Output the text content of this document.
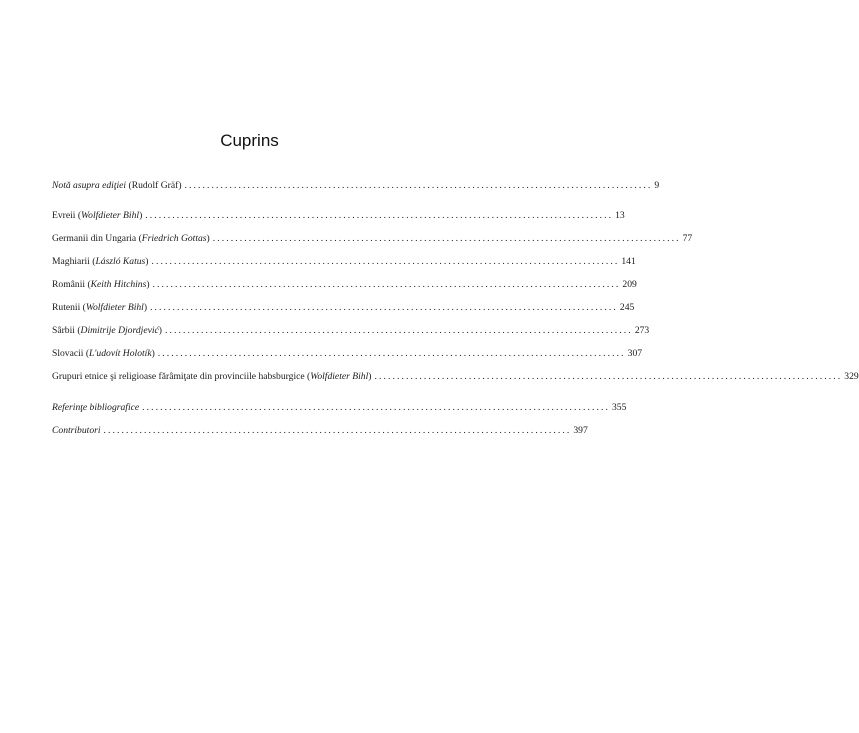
Cuprins
Notă asupra ediţiei (Rudolf Gräf) ........................................................................................................ 9
Evreii (Wolfdieter Bihl) ........................................................................................................ 13
Germanii din Ungaria (Friedrich Gottas) ........................................................................................................ 77
Maghiarii (László Katus) ........................................................................................................ 141
Românii (Keith Hitchins) ........................................................................................................ 209
Rutenii (Wolfdieter Bihl) ........................................................................................................ 245
Sârbii (Dimitrije Djordjević) ........................................................................................................ 273
Slovacii (L'udovít Holotík) ........................................................................................................ 307
Grupuri etnice şi religioase fărâmiţate din provinciile habsburgice (Wolfdieter Bihl) ........................................................................................................ 329
Referinţe bibliografice ........................................................................................................ 355
Contributori ........................................................................................................ 397
